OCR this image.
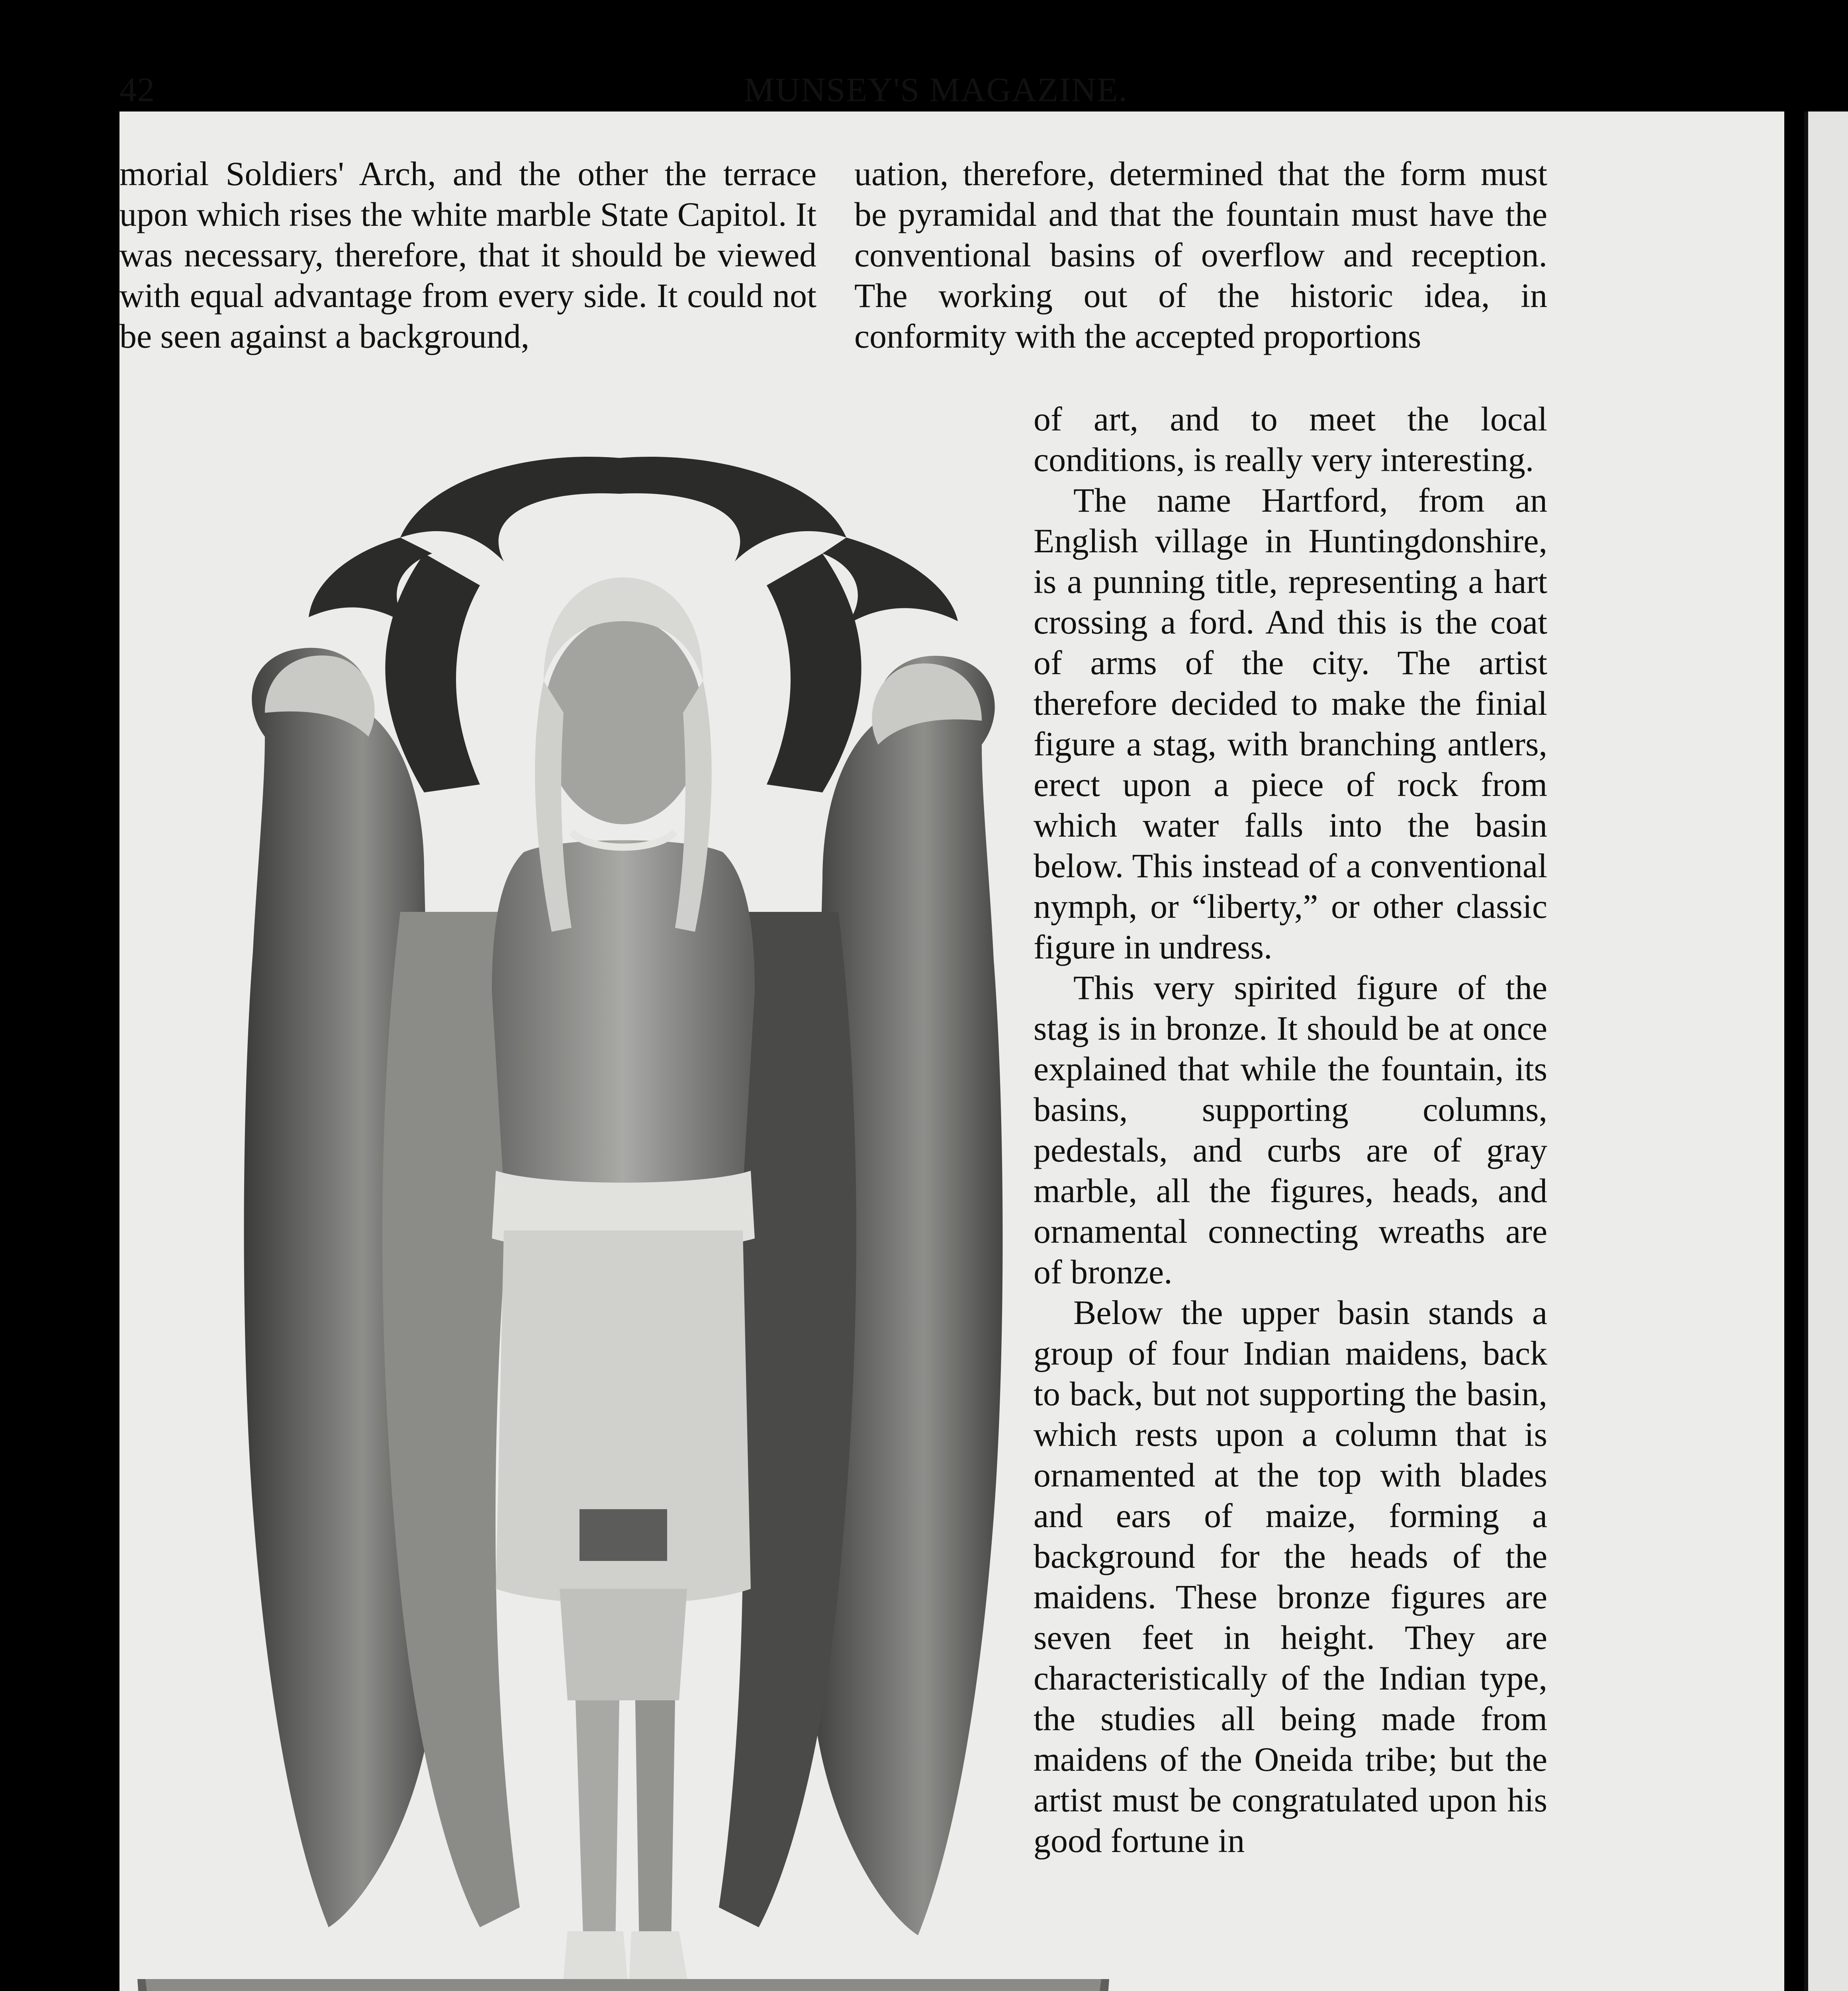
42	MUNSEY'S MAGAZINE.

morial Soldiers' Arch, and the other the terrace upon which rises the white marble State Capitol. It was necessary, therefore, that it should be viewed with equal advantage from every side. It could not be seen against a background,

uation, therefore, determined that the form must be pyramidal and that the fountain must have the conventional basins of overflow and reception. The working out of the historic idea, in conformity with the accepted proportions

of art, and to meet the local conditions, is really very interesting.

The name Hartford, from an English village in Huntingdonshire, is a punning title, representing a hart crossing a ford. And this is the coat of arms of the city. The artist therefore decided to make the finial figure a stag, with branching antlers, erect upon a piece of rock from which water falls into the basin below. This instead of a conventional nymph, or “liberty,” or other classic figure in undress.

This very spirited figure of the stag is in bronze. It should be at once explained that while the fountain, its basins, supporting columns, pedestals, and curbs are of gray marble, all the figures, heads, and ornamental connecting wreaths are of bronze.

Below the upper basin stands a group of four Indian maidens, back to back, but not supporting the basin, which rests upon a column that is ornamented at the top with blades and ears of maize, forming a background for the heads of the maidens. These bronze figures are seven feet in height. They are characteristically of the Indian type, the studies all being made from maidens of the Oneida tribe; but the artist must be congratulated upon his good fortune in
